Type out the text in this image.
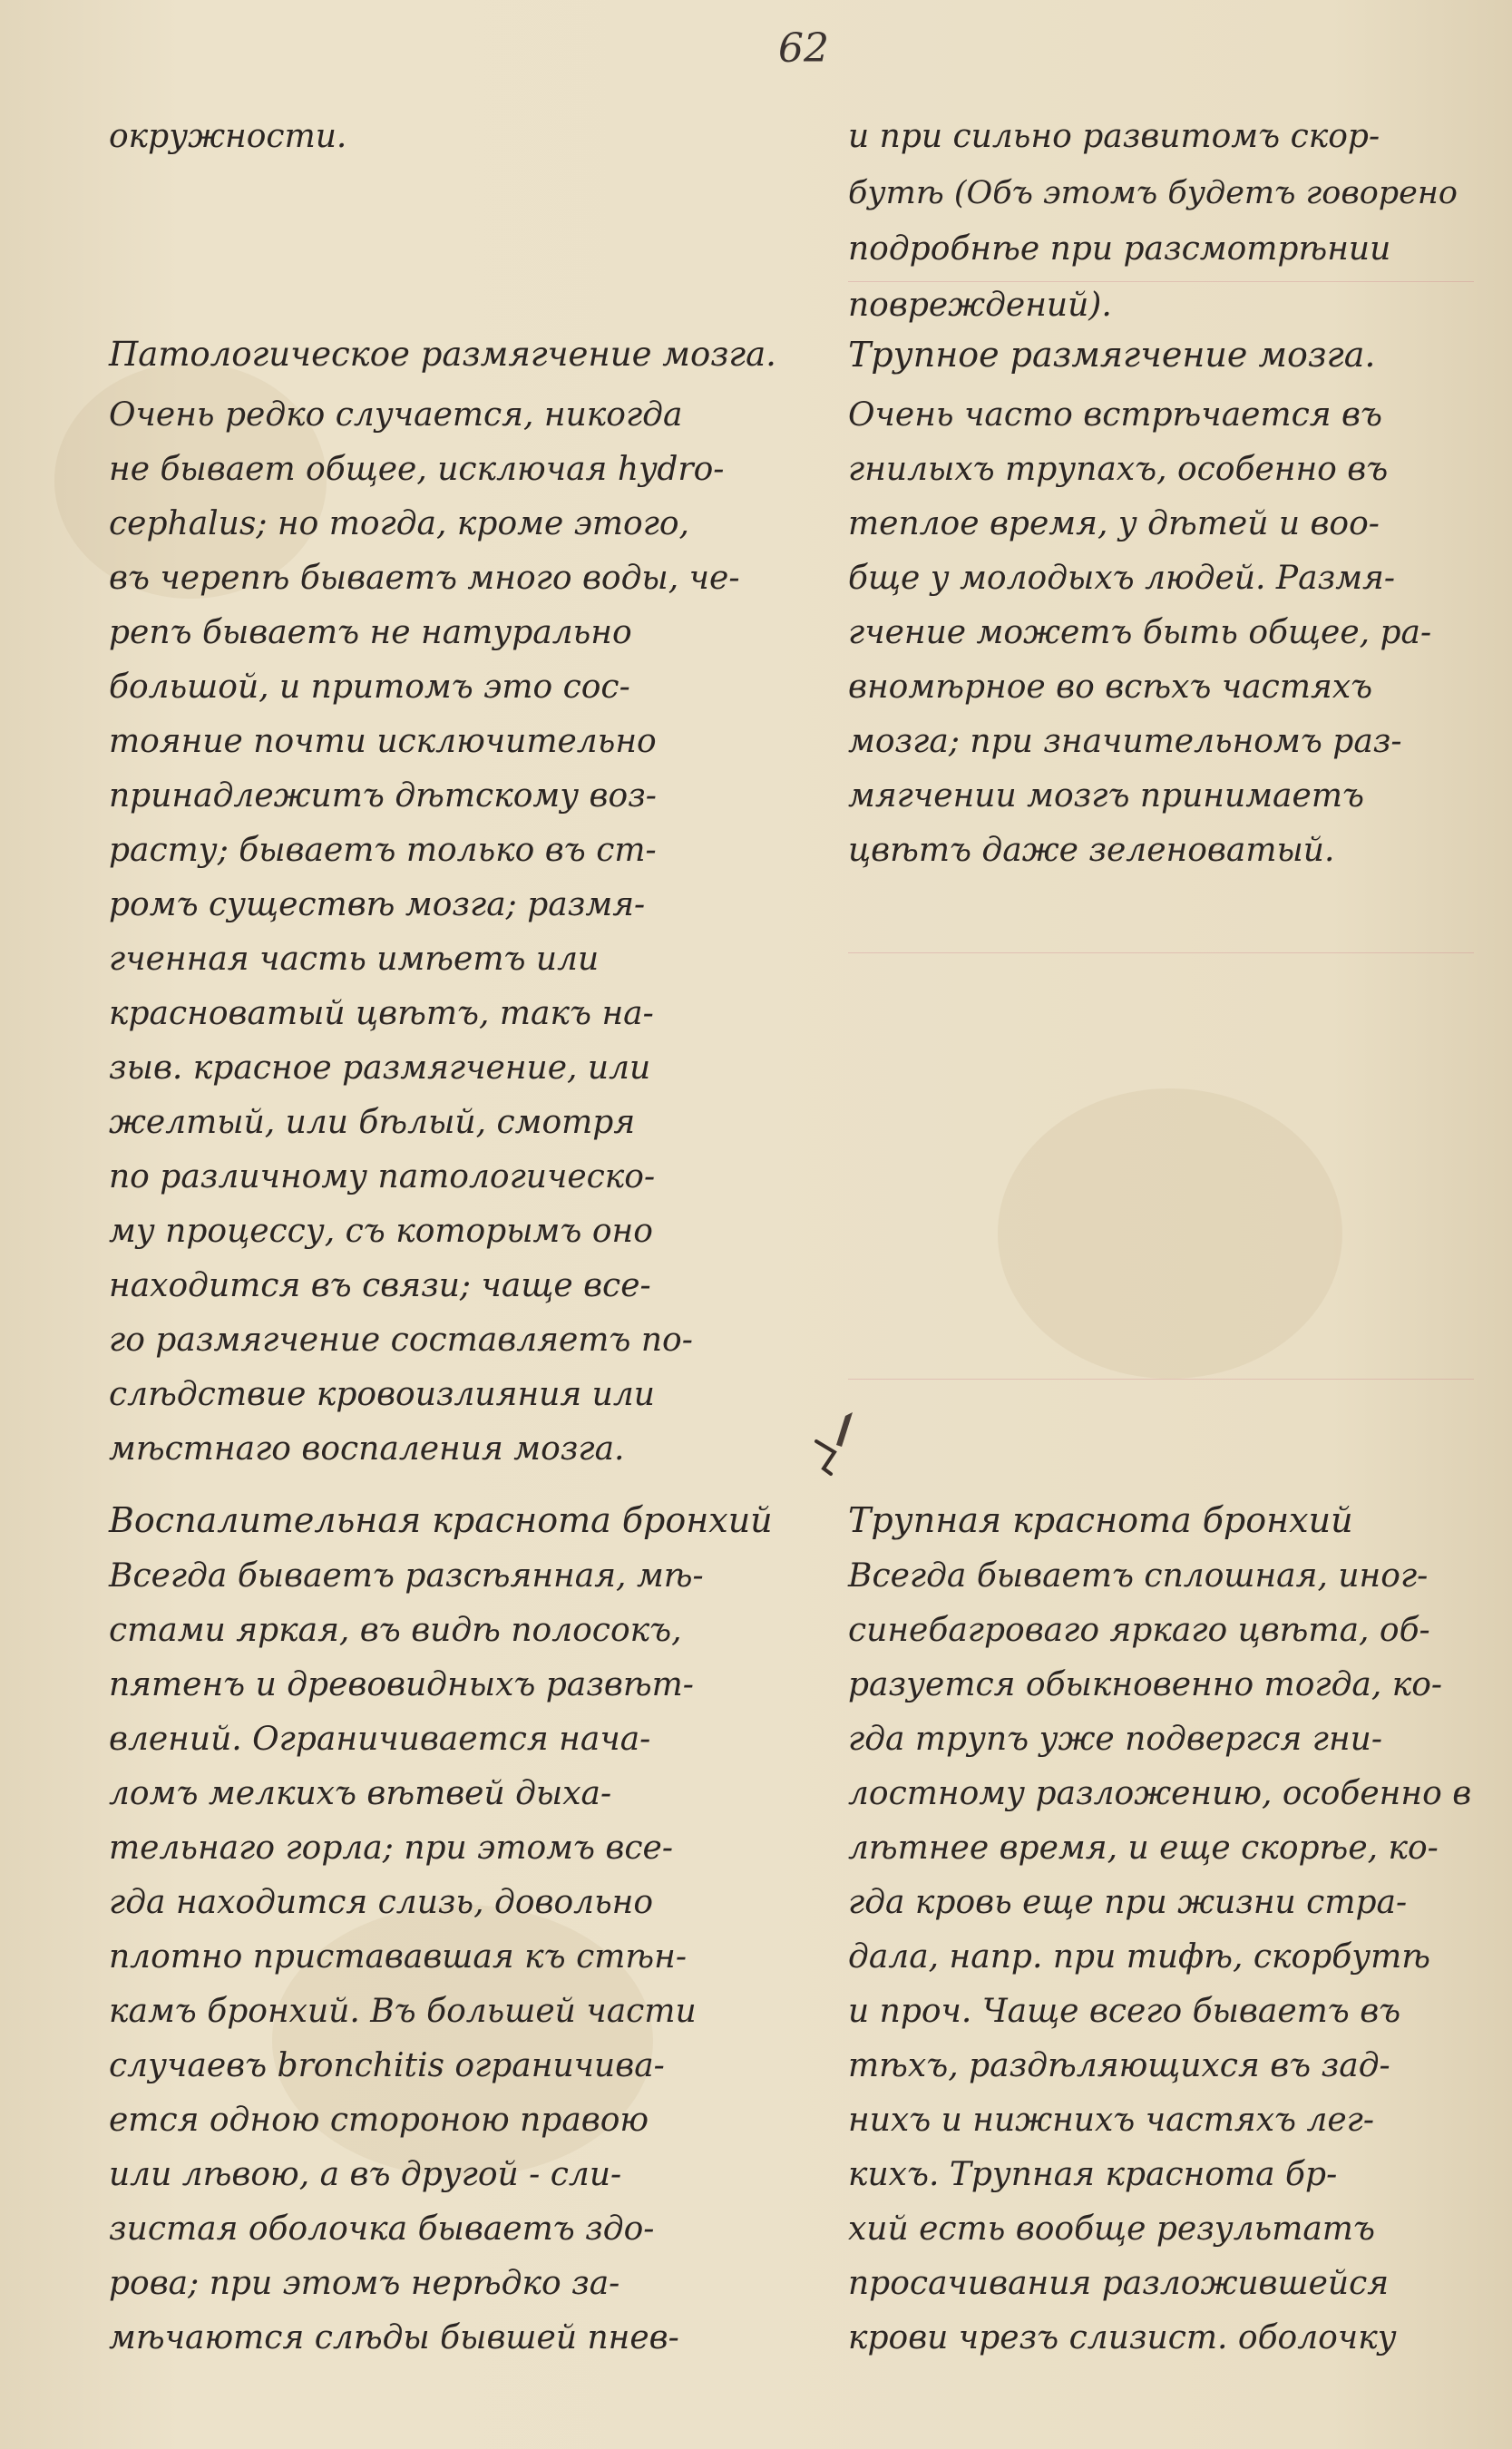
62
окружности.
Патологическое размягчение мозга.
Очень редко случается, никогда
не бывает общее, исключая hydro-
cephalus; но тогда, кроме этого,
въ черепѣ бываетъ много воды, че-
репъ бываетъ не натурально
большой, и притомъ это сос-
тояние почти исключительно
принадлежитъ дѣтскому воз-
расту; бываетъ только въ ст-
ромъ существѣ мозга; размя-
гченная часть имѣетъ или
красноватый цвѣтъ, такъ на-
зыв. красное размягчение, или
желтый, или бѣлый, смотря
по различному патологическо-
му процессу, съ которымъ оно
находится въ связи; чаще все-
го размягчение составляетъ по-
слѣдствие кровоизлияния или
мѣстнаго воспаления мозга.
Воспалительная краснота бронхий
Всегда бываетъ разсѣянная, мѣ-
стами яркая, въ видѣ полосокъ,
пятенъ и древовидныхъ развѣт-
влений. Ограничивается нача-
ломъ мелкихъ вѣтвей дыха-
тельнаго горла; при этомъ все-
гда находится слизь, довольно
плотно пристававшая къ стѣн-
камъ бронхий. Въ большей части
случаевъ bronchitis ограничива-
ется одною стороною правою
или лѣвою, а въ другой - сли-
зистая оболочка бываетъ здо-
рова; при этомъ нерѣдко за-
мѣчаются слѣды бывшей пнев-
и при сильно развитомъ скор-
бутѣ (Объ этомъ будетъ говорено
подробнѣе при разсмотрѣнии
повреждений).
Трупное размягчение мозга.
Очень часто встрѣчается въ
гнилыхъ трупахъ, особенно въ
теплое время, у дѣтей и воо-
бще у молодыхъ людей. Размя-
гчение можетъ быть общее, ра-
вномѣрное во всѣхъ частяхъ
мозга; при значительномъ раз-
мягчении мозгъ принимаетъ
цвѣтъ даже зеленоватый.
Трупная краснота бронхий
Всегда бываетъ сплошная, иног-
синебагроваго яркаго цвѣта, об-
разуется обыкновенно тогда, ко-
гда трупъ уже подвергся гни-
лостному разложению, особенно в
лѣтнее время, и еще скорѣе, ко-
гда кровь еще при жизни стра-
дала, напр. при тифѣ, скорбутѣ
и проч. Чаще всего бываетъ въ
тѣхъ, раздѣляющихся въ зад-
нихъ и нижнихъ частяхъ лег-
кихъ. Трупная краснота бр-
хий есть вообще результатъ
просачивания разложившейся
крови чрезъ слизист. оболочку
